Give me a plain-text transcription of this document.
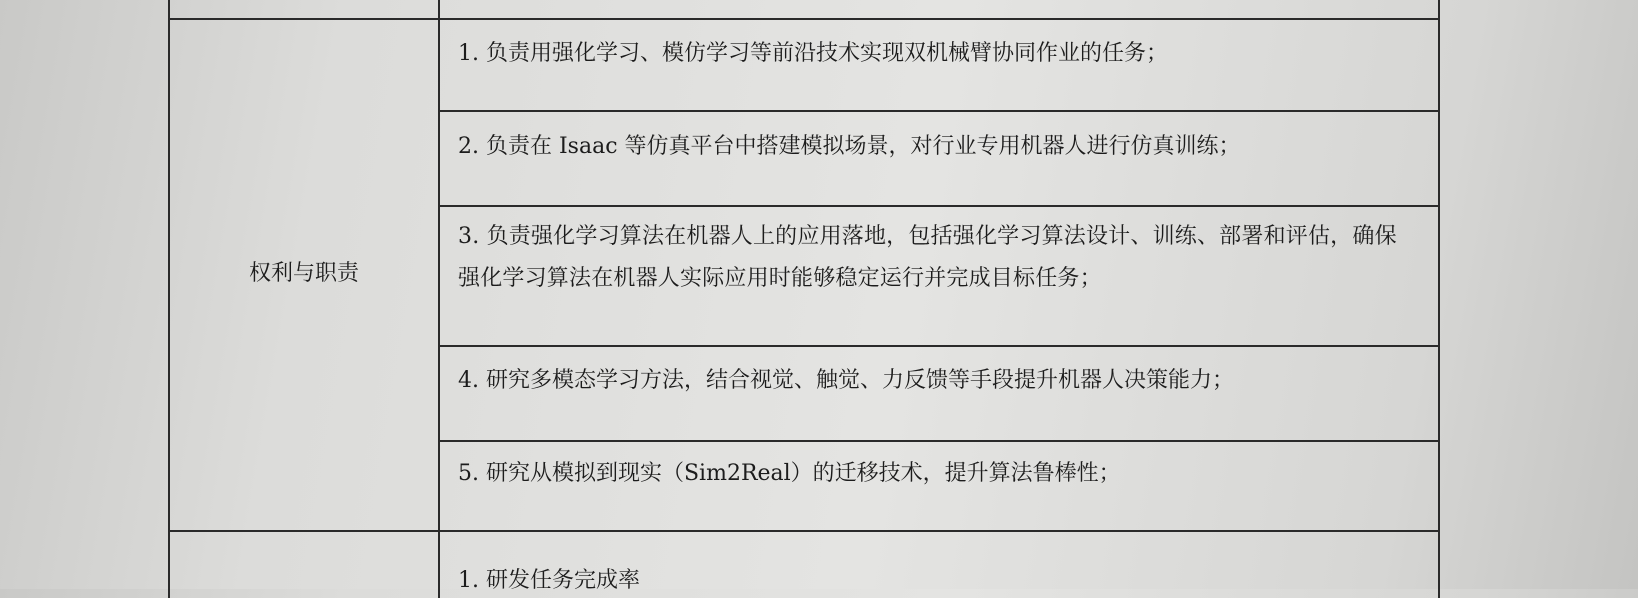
权利与职责
1. 负责用强化学习、模仿学习等前沿技术实现双机械臂协同作业的任务；
2. 负责在 Isaac 等仿真平台中搭建模拟场景，对行业专用机器人进行仿真训练；
3. 负责强化学习算法在机器人上的应用落地，包括强化学习算法设计、训练、部署和评估，确保强化学习算法在机器人实际应用时能够稳定运行并完成目标任务；
4. 研究多模态学习方法，结合视觉、触觉、力反馈等手段提升机器人决策能力；
5. 研究从模拟到现实（Sim2Real）的迁移技术，提升算法鲁棒性；
1. 研发任务完成率
